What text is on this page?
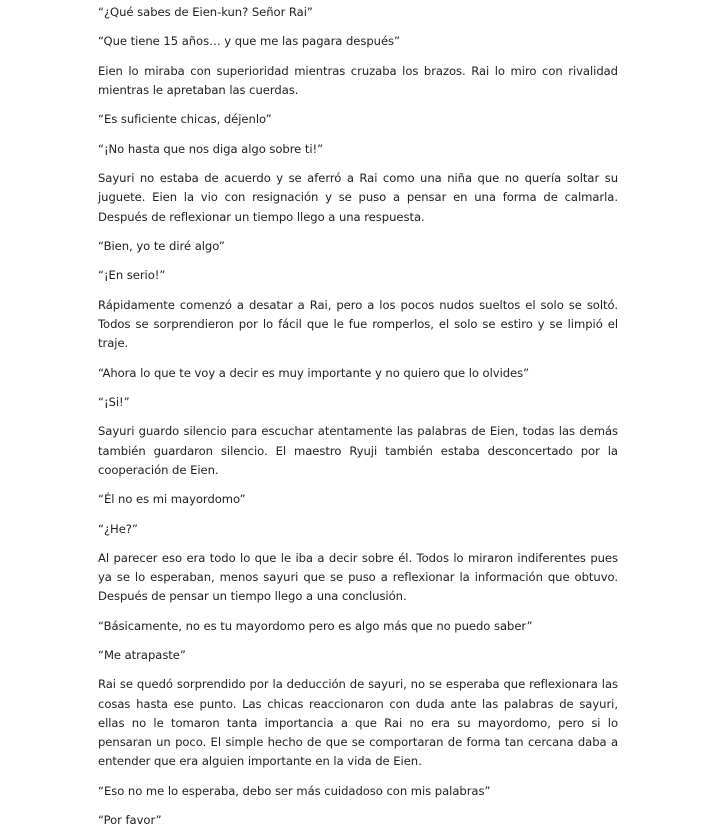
“¿Qué sabes de Eien-kun? Señor Rai”

“Que tiene 15 años… y que me las pagara después”

Eien lo miraba con superioridad mientras cruzaba los brazos. Rai lo miro con rivalidad mientras le apretaban las cuerdas.

“Es suficiente chicas, déjenlo”

“¡No hasta que nos diga algo sobre ti!”

Sayuri no estaba de acuerdo y se aferró a Rai como una niña que no quería soltar su juguete. Eien la vio con resignación y se puso a pensar en una forma de calmarla. Después de reflexionar un tiempo llego a una respuesta.

“Bien, yo te diré algo”

“¡En serio!”

Rápidamente comenzó a desatar a Rai, pero a los pocos nudos sueltos el solo se soltó. Todos se sorprendieron por lo fácil que le fue romperlos, el solo se estiro y se limpió el traje.

“Ahora lo que te voy a decir es muy importante y no quiero que lo olvides”

“¡Si!”

Sayuri guardo silencio para escuchar atentamente las palabras de Eien, todas las demás también guardaron silencio. El maestro Ryuji también estaba desconcertado por la cooperación de Eien.

“Él no es mi mayordomo”

“¿He?”

Al parecer eso era todo lo que le iba a decir sobre él. Todos lo miraron indiferentes pues ya se lo esperaban, menos sayuri que se puso a reflexionar la información que obtuvo. Después de pensar un tiempo llego a una conclusión.

“Básicamente, no es tu mayordomo pero es algo más que no puedo saber”

“Me atrapaste”

Rai se quedó sorprendido por la deducción de sayuri, no se esperaba que reflexionara las cosas hasta ese punto. Las chicas reaccionaron con duda ante las palabras de sayuri, ellas no le tomaron tanta importancia a que Rai no era su mayordomo, pero si lo pensaran un poco. El simple hecho de que se comportaran de forma tan cercana daba a entender que era alguien importante en la vida de Eien.

“Eso no me lo esperaba, debo ser más cuidadoso con mis palabras”

“Por favor”
